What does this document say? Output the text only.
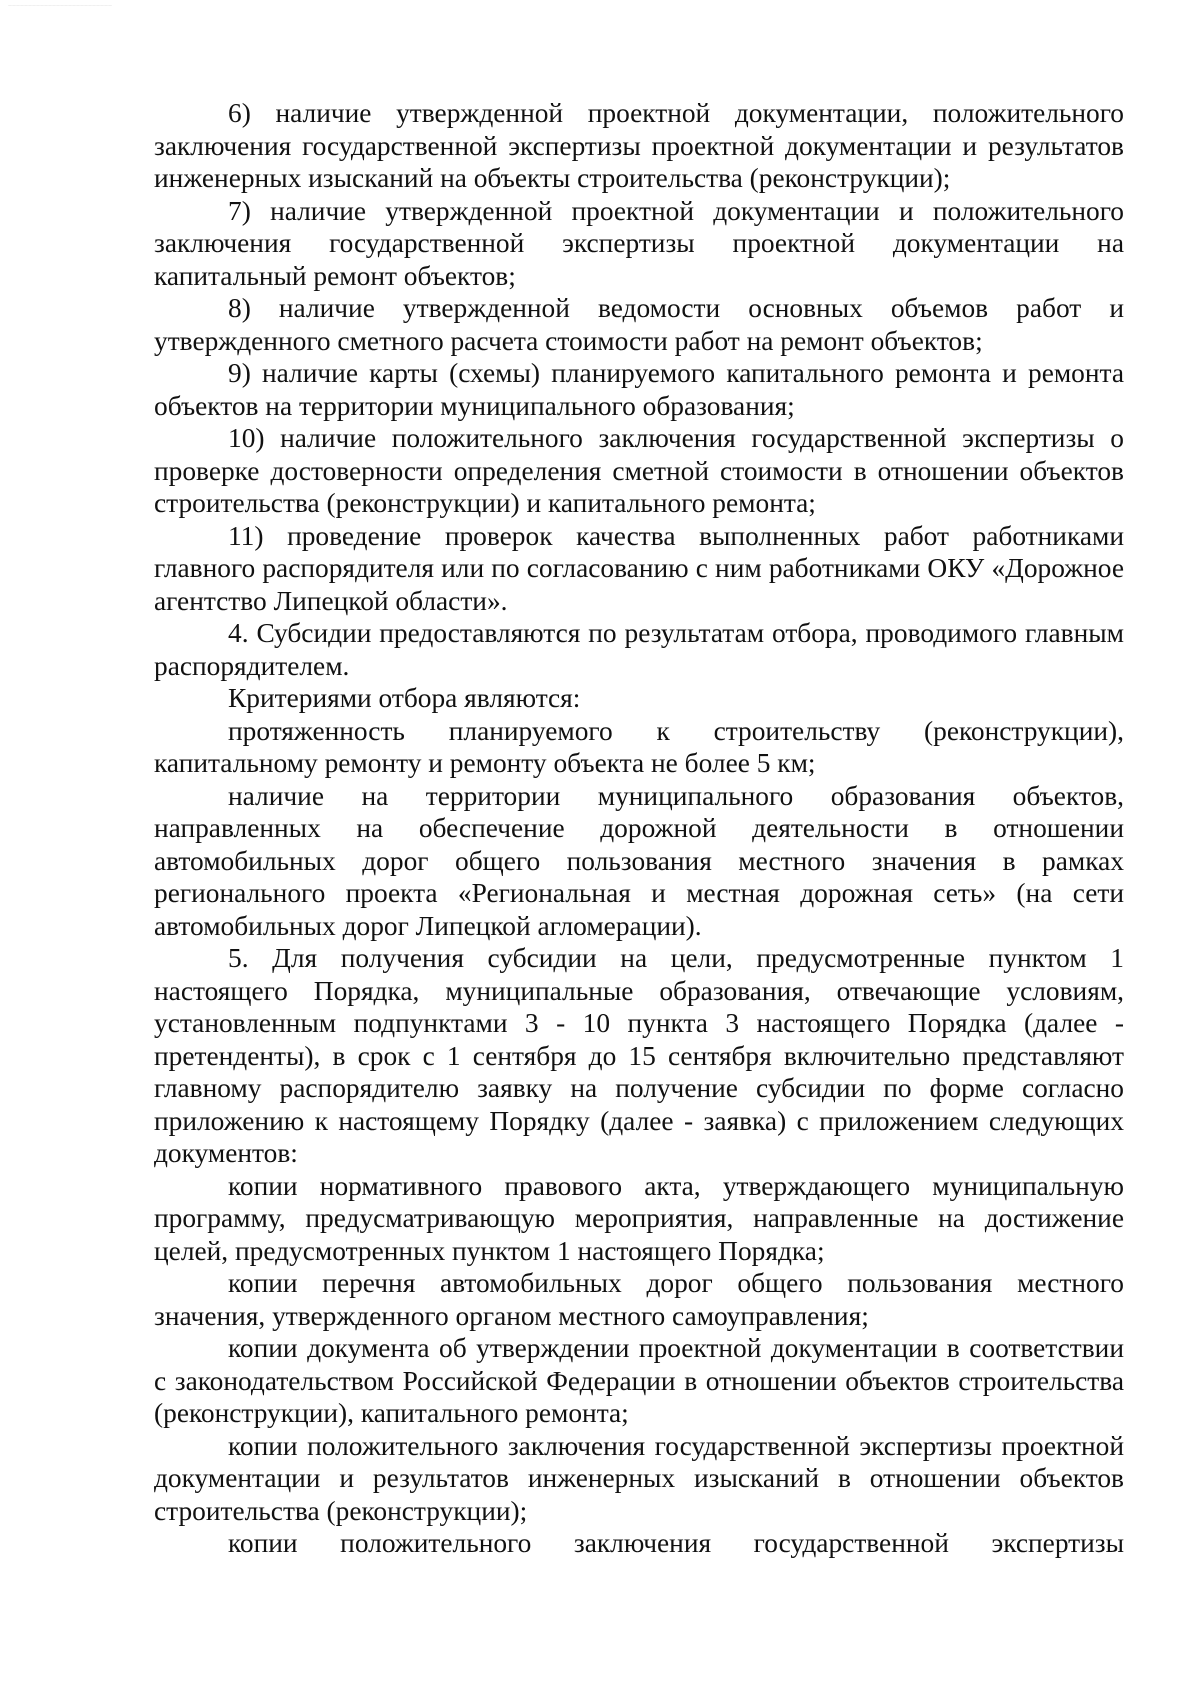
——————————————————————————

6) наличие утвержденной проектной документации, положительного заключения государственной экспертизы проектной документации и результатов инженерных изысканий на объекты строительства (реконструкции);

7) наличие утвержденной проектной документации и положительного заключения государственной экспертизы проектной документации на капитальный ремонт объектов;

8) наличие утвержденной ведомости основных объемов работ и утвержденного сметного расчета стоимости работ на ремонт объектов;

9) наличие карты (схемы) планируемого капитального ремонта и ремонта объектов на территории муниципального образования;

10) наличие положительного заключения государственной экспертизы о проверке достоверности определения сметной стоимости в отношении объектов строительства (реконструкции) и капитального ремонта;

11) проведение проверок качества выполненных работ работниками главного распорядителя или по согласованию с ним работниками ОКУ «Дорожное агентство Липецкой области».

4. Субсидии предоставляются по результатам отбора, проводимого главным распорядителем.

Критериями отбора являются:

протяженность планируемого к строительству (реконструкции), капитальному ремонту и ремонту объекта не более 5 км;

наличие на территории муниципального образования объектов, направленных на обеспечение дорожной деятельности в отношении автомобильных дорог общего пользования местного значения в рамках регионального проекта «Региональная и местная дорожная сеть» (на сети автомобильных дорог Липецкой агломерации).

5. Для получения субсидии на цели, предусмотренные пунктом 1 настоящего Порядка, муниципальные образования, отвечающие условиям, установленным подпунктами 3 - 10 пункта 3 настоящего Порядка (далее - претенденты), в срок с 1 сентября до 15 сентября включительно представляют главному распорядителю заявку на получение субсидии по форме согласно приложению к настоящему Порядку (далее - заявка) с приложением следующих документов:

копии нормативного правового акта, утверждающего муниципальную программу, предусматривающую мероприятия, направленные на достижение целей, предусмотренных пунктом 1 настоящего Порядка;

копии перечня автомобильных дорог общего пользования местного значения, утвержденного органом местного самоуправления;

копии документа об утверждении проектной документации в соответствии с законодательством Российской Федерации в отношении объектов строительства (реконструкции), капитального ремонта;

копии положительного заключения государственной экспертизы проектной документации и результатов инженерных изысканий в отношении объектов строительства (реконструкции);

копии положительного заключения государственной экспертизы
